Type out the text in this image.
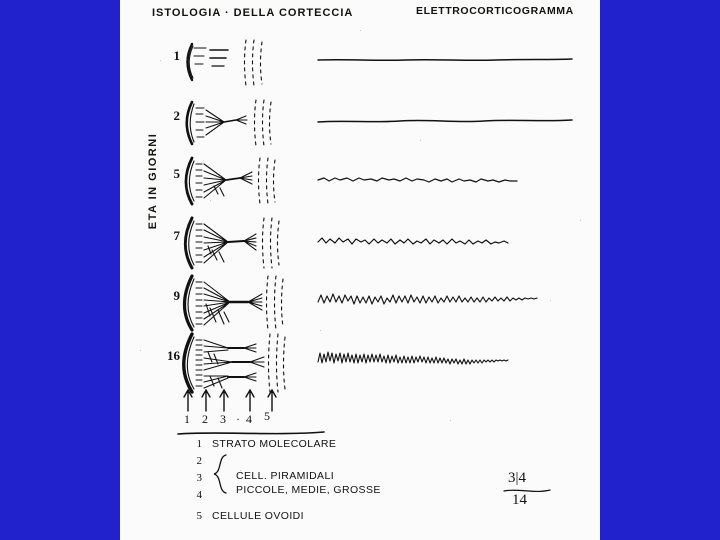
ISTOLOGIA · DELLA CORTECCIA	ELETTROCORTICOGRAMMA
ETA IN GIORNI
1
2
5
7
9
16
1 2 3 · 4 5
1 STRATO MOLECOLARE
2
3	CELL. PIRAMIDALI
4	PICCOLE, MEDIE, GROSSE
5 CELLULE OVOIDI
3|4
14
